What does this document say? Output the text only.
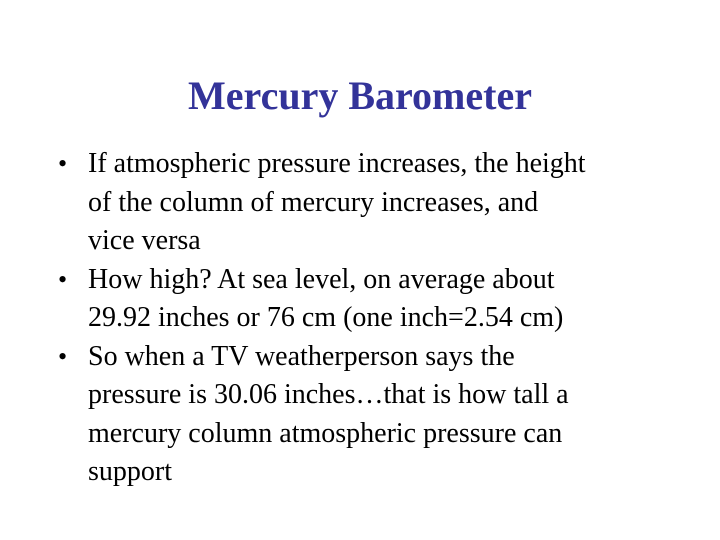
Mercury Barometer
• If atmospheric pressure increases, the height
of the column of mercury increases, and
vice versa
• How high? At sea level, on average about
29.92 inches or 76 cm (one inch=2.54 cm)
• So when a TV weatherperson says the
pressure is 30.06 inches…that is how tall a
mercury column atmospheric pressure can
support
